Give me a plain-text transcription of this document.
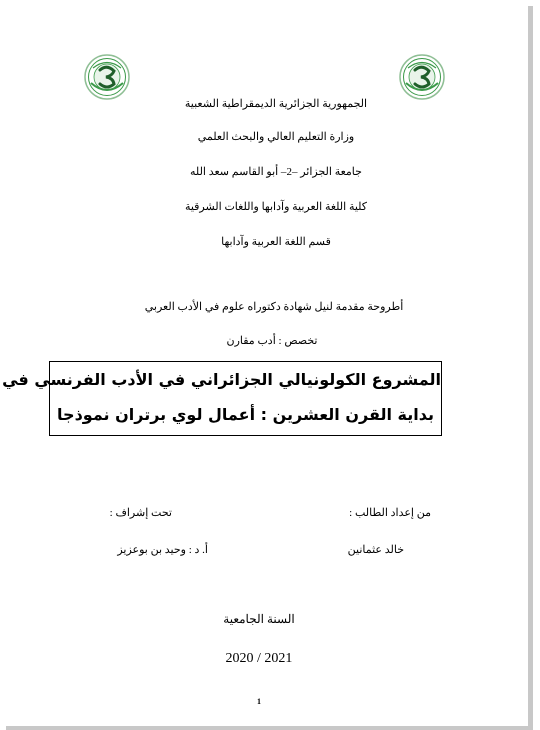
الجمهورية الجزائرية الديمقراطية الشعبية
وزارة التعليم العالي والبحث العلمي
جامعة الجزائر –2– أبو القاسم سعد الله
كلية اللغة العربية وآدابها واللغات الشرقية
قسم اللغة العربية وآدابها
أطروحة مقدمة لنيل شهادة دكتوراه علوم في الأدب العربي
تخصص : أدب مقارن
المشروع الكولونيالي الجزائراني في الأدب الفرنسي في
بداية القرن العشرين : أعمال لوي برتران نموذجا
من إعداد الطالب :
تحت إشراف :
خالد عثمانين
أ. د : وحيد بن بوعزيز
السنة الجامعية
2020 / 2021
1
